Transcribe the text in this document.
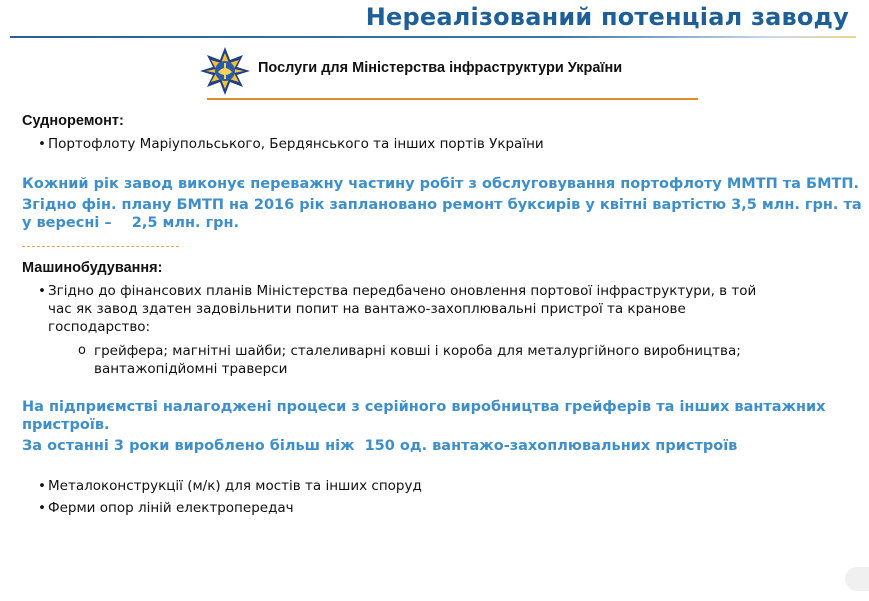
Нереалізований потенціал заводу
Послуги для Міністерства інфраструктури України
Судноремонт:
• Портофлоту Маріупольського, Бердянського та інших портів України
Кожний рік завод виконує переважну частину робіт з обслуговування портофлоту ММТП та БМТП.
Згідно фін. плану БМТП на 2016 рік заплановано ремонт буксирів у квітні вартістю 3,5 млн. грн. та
у вересні –    2,5 млн. грн.
Машинобудування:
• Згідно до фінансових планів Міністерства передбачено оновлення портової інфраструктури, в той
час як завод здатен задовільнити попит на вантажо-захоплювальні пристрої та кранове
господарство:
o грейфера; магнітні шайби; сталеливарні ковші і короба для металургійного виробництва;
вантажопідйомні траверси
На підприємстві налагоджені процеси з серійного виробництва грейферів та інших вантажних
пристроїв.
За останні 3 роки вироблено більш ніж  150 од. вантажо-захоплювальних пристроїв
• Металоконструкції (м/к) для мостів та інших споруд
• Ферми опор ліній електропередач
